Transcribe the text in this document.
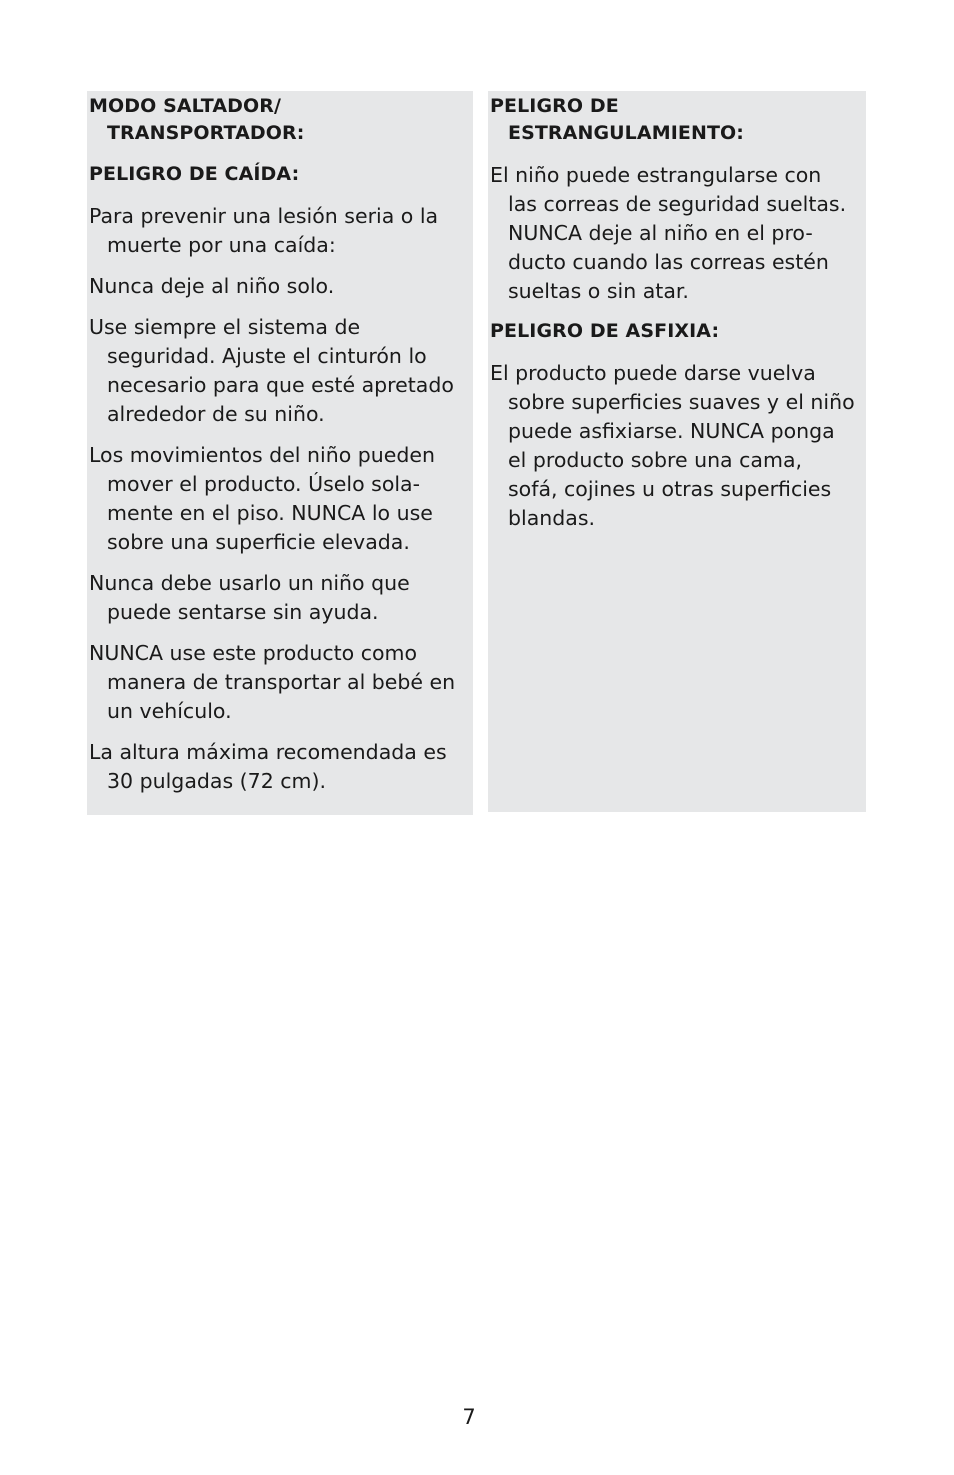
MODO SALTADOR/
TRANSPORTADOR:
PELIGRO DE CAÍDA:
Para prevenir una lesión seria o la
muerte por una caída:
Nunca deje al niño solo.
Use siempre el sistema de
seguridad. Ajuste el cinturón lo
necesario para que esté apretado
alrededor de su niño.
Los movimientos del niño pueden
mover el producto. Úselo sola-
mente en el piso. NUNCA lo use
sobre una superficie elevada.
Nunca debe usarlo un niño que
puede sentarse sin ayuda.
NUNCA use este producto como
manera de transportar al bebé en
un vehículo.
La altura máxima recomendada es
30 pulgadas (72 cm).
PELIGRO DE
ESTRANGULAMIENTO:
El niño puede estrangularse con
las correas de seguridad sueltas.
NUNCA deje al niño en el pro-
ducto cuando las correas estén
sueltas o sin atar.
PELIGRO DE ASFIXIA:
El producto puede darse vuelva
sobre superficies suaves y el niño
puede asfixiarse. NUNCA ponga
el producto sobre una cama,
sofá, cojines u otras superficies
blandas.
7
